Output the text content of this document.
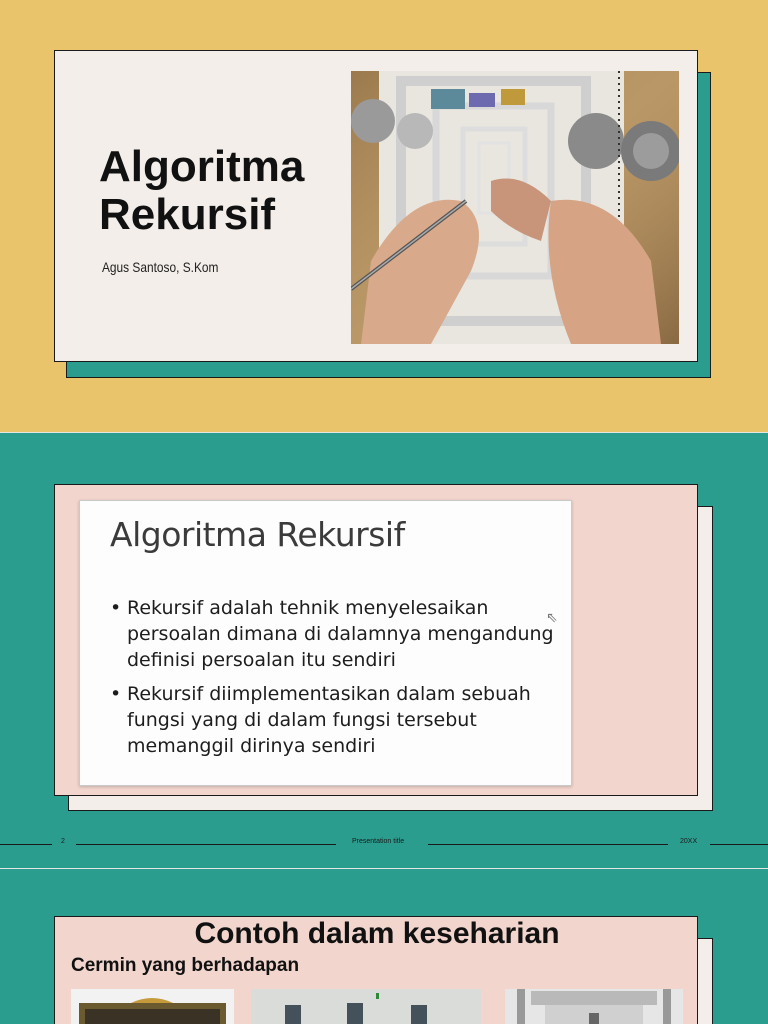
Algoritma
Rekursif
Agus Santoso, S.Kom
Algoritma Rekursif
• Rekursif adalah tehnik menyelesaikan persoalan dimana di dalamnya mengandung definisi persoalan itu sendiri
• Rekursif diimplementasikan dalam sebuah fungsi yang di dalam fungsi tersebut memanggil dirinya sendiri
⇖
2	Presentation title	20XX
Contoh dalam keseharian
Cermin yang berhadapan
